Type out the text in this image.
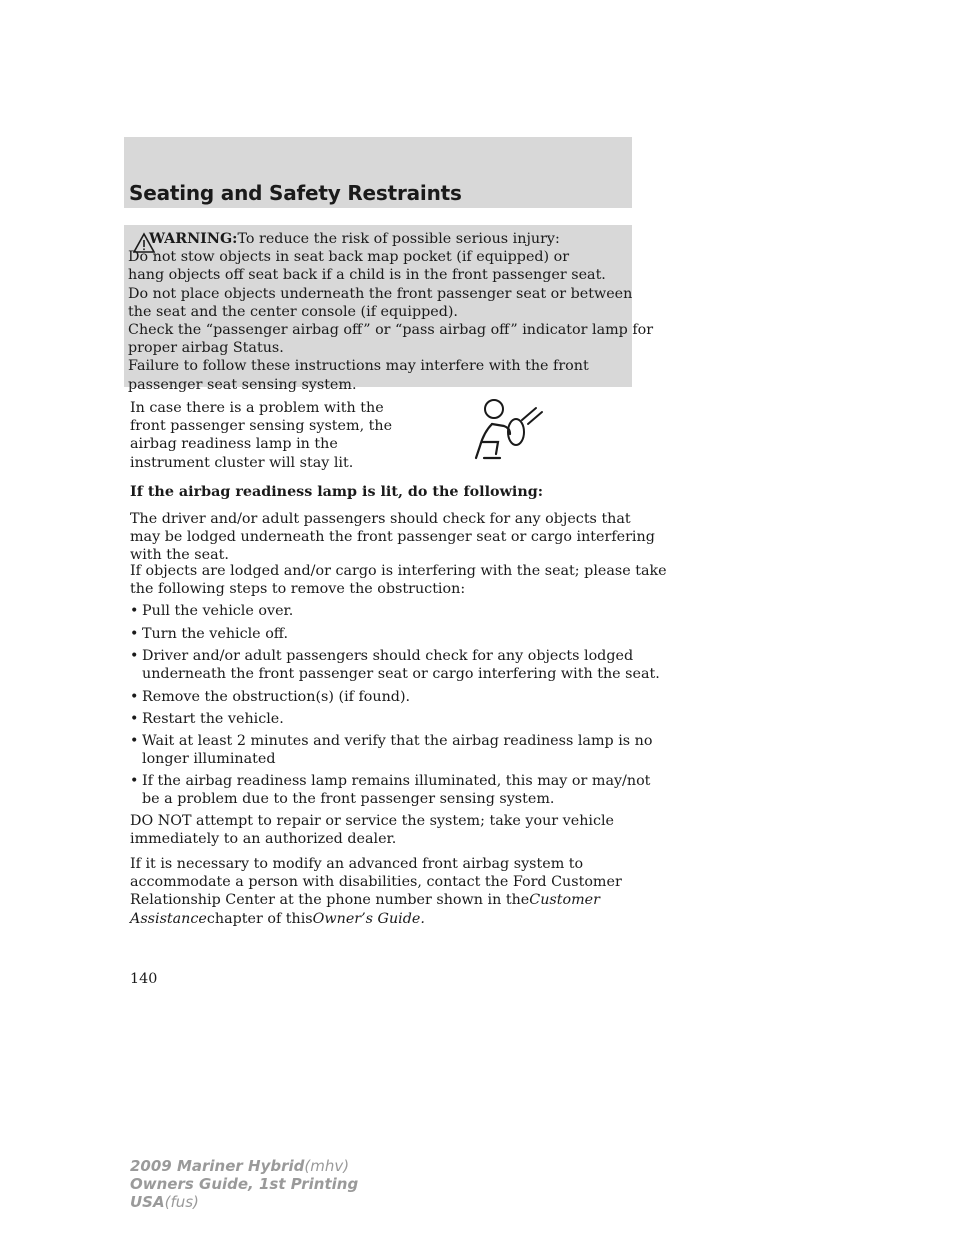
Seating and Safety Restraints
WARNING:To reduce the risk of possible serious injury:
Do not stow objects in seat back map pocket (if equipped) or
hang objects off seat back if a child is in the front passenger seat.
Do not place objects underneath the front passenger seat or between
the seat and the center console (if equipped).
Check the “passenger airbag off” or “pass airbag off” indicator lamp for
proper airbag Status.
Failure to follow these instructions may interfere with the front
passenger seat sensing system.
In case there is a problem with the
front passenger sensing system, the
airbag readiness lamp in the
instrument cluster will stay lit.
If the airbag readiness lamp is lit, do the following:
The driver and/or adult passengers should check for any objects that
may be lodged underneath the front passenger seat or cargo interfering
with the seat.
If objects are lodged and/or cargo is interfering with the seat; please take
the following steps to remove the obstruction:
• Pull the vehicle over.
• Turn the vehicle off.
• Driver and/or adult passengers should check for any objects lodged
underneath the front passenger seat or cargo interfering with the seat.
• Remove the obstruction(s) (if found).
• Restart the vehicle.
• Wait at least 2 minutes and verify that the airbag readiness lamp is no
longer illuminated
• If the airbag readiness lamp remains illuminated, this may or may/not
be a problem due to the front passenger sensing system.
DO NOT attempt to repair or service the system; take your vehicle
immediately to an authorized dealer.
If it is necessary to modify an advanced front airbag system to
accommodate a person with disabilities, contact the Ford Customer
Relationship Center at the phone number shown in theCustomer
Assistancechapter of thisOwner’s Guide.
140
2009 Mariner Hybrid(mhv)
Owners Guide, 1st Printing
USA(fus)
